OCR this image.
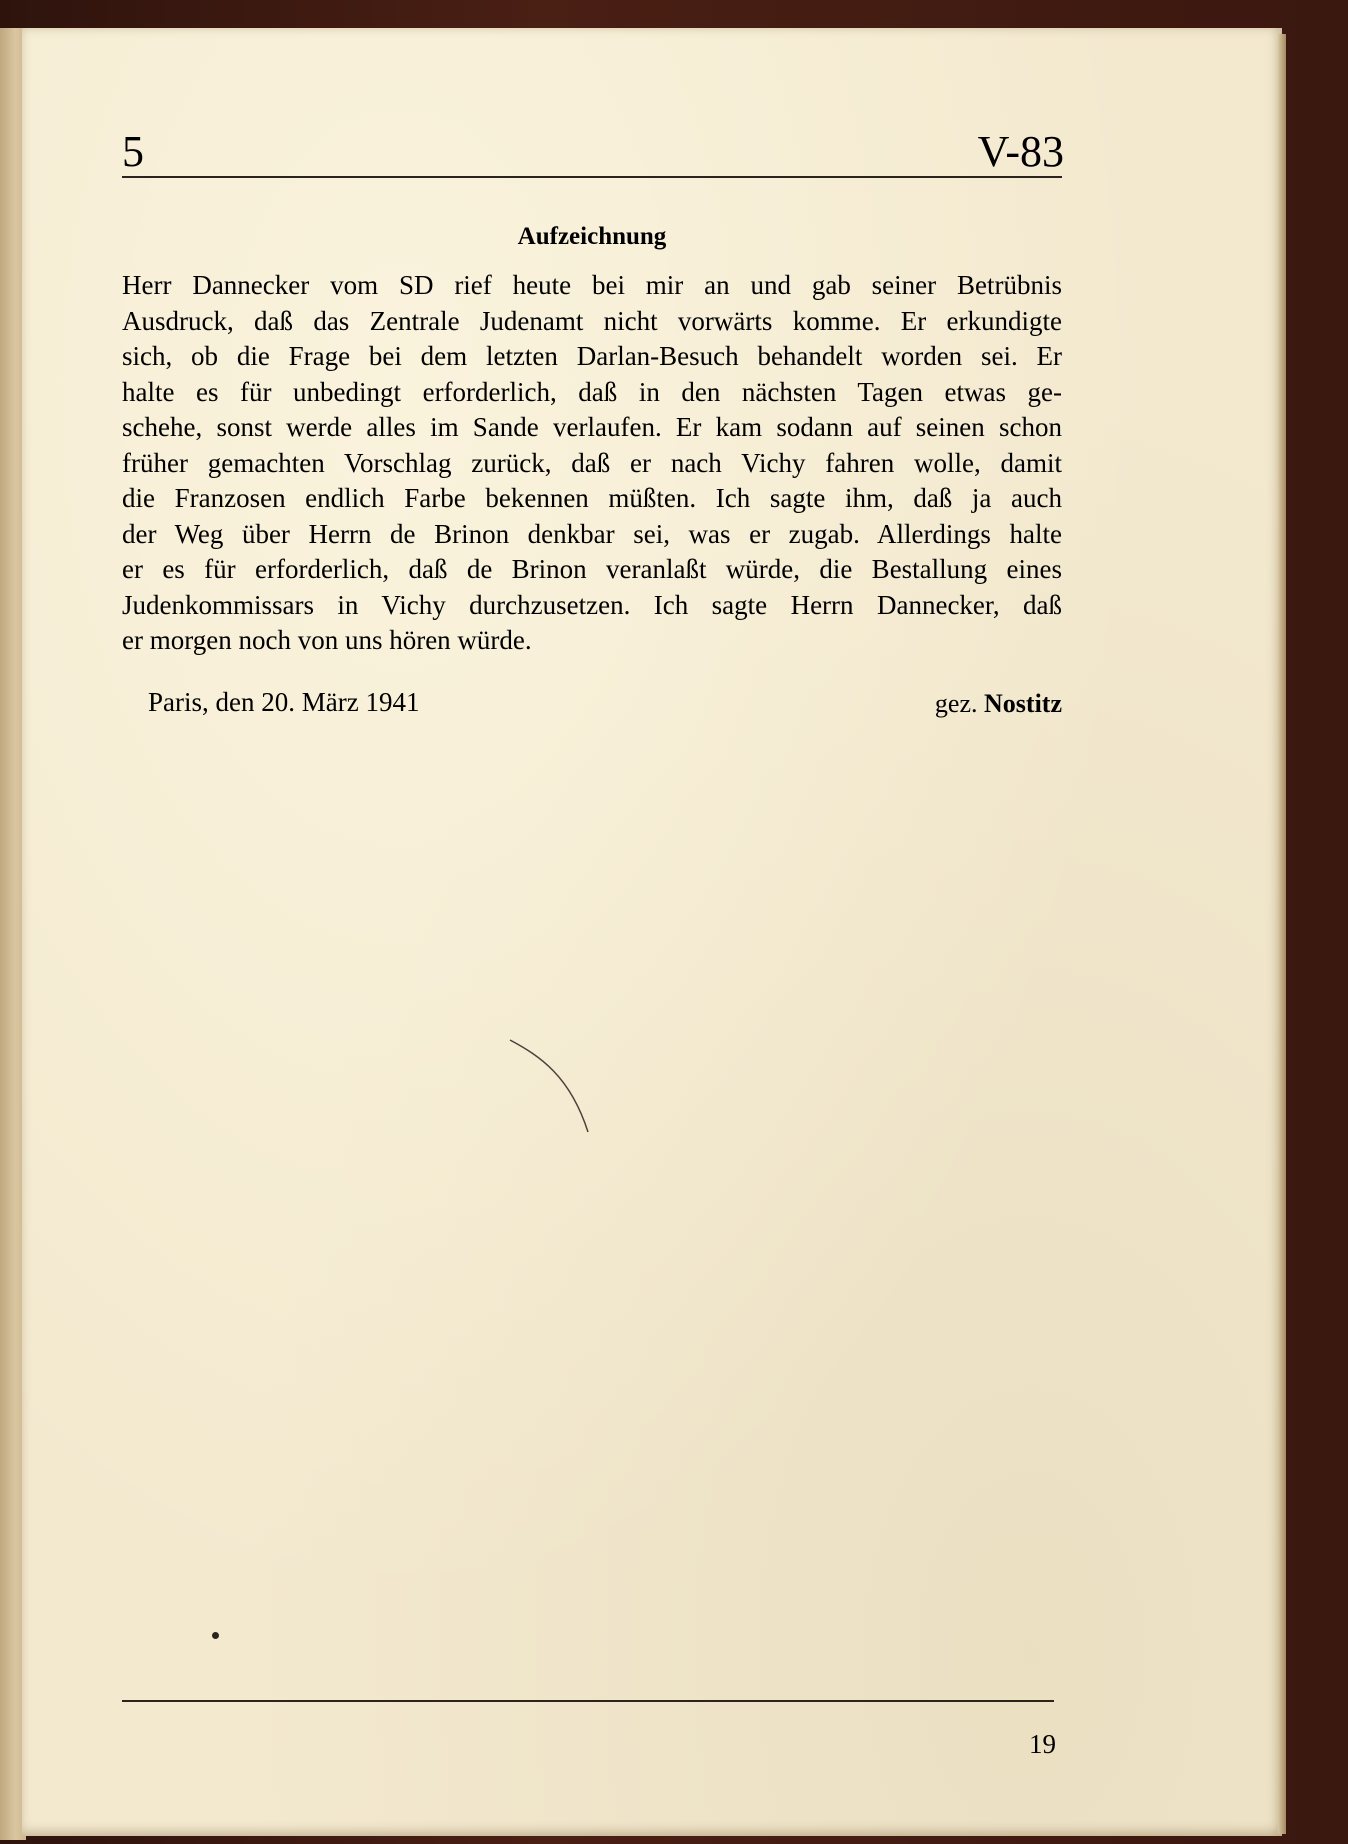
5	V-83
Aufzeichnung
Herr Dannecker vom SD rief heute bei mir an und gab seiner Betrübnis
Ausdruck, daß das Zentrale Judenamt nicht vorwärts komme. Er erkundigte
sich, ob die Frage bei dem letzten Darlan-Besuch behandelt worden sei. Er
halte es für unbedingt erforderlich, daß in den nächsten Tagen etwas ge-
schehe, sonst werde alles im Sande verlaufen. Er kam sodann auf seinen schon
früher gemachten Vorschlag zurück, daß er nach Vichy fahren wolle, damit
die Franzosen endlich Farbe bekennen müßten. Ich sagte ihm, daß ja auch
der Weg über Herrn de Brinon denkbar sei, was er zugab. Allerdings halte
er es für erforderlich, daß de Brinon veranlaßt würde, die Bestallung eines
Judenkommissars in Vichy durchzusetzen. Ich sagte Herrn Dannecker, daß
er morgen noch von uns hören würde.
Paris, den 20. März 1941	gez. Nostitz
19
